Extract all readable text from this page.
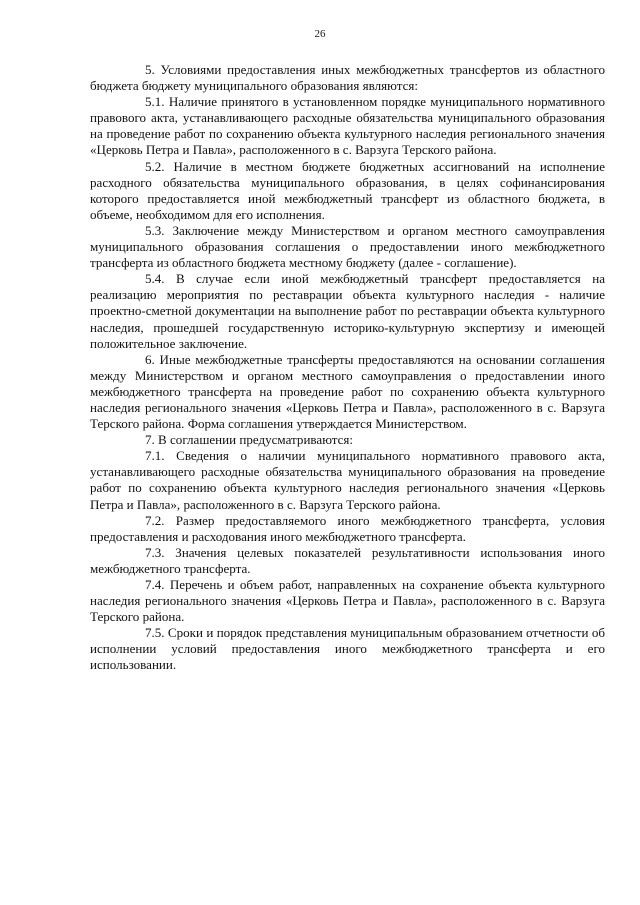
26

5. Условиями предоставления иных межбюджетных трансфертов из областного бюджета бюджету муниципального образования являются:

5.1. Наличие принятого в установленном порядке муниципального нормативного правового акта, устанавливающего расходные обязательства муниципального образования на проведение работ по сохранению объекта культурного наследия регионального значения «Церковь Петра и Павла», расположенного в с. Варзуга Терского района.

5.2. Наличие в местном бюджете бюджетных ассигнований на исполнение расходного обязательства муниципального образования, в целях софинансирования которого предоставляется иной межбюджетный трансферт из областного бюджета, в объеме, необходимом для его исполнения.

5.3. Заключение между Министерством и органом местного самоуправления муниципального образования соглашения о предоставлении иного межбюджетного трансферта из областного бюджета местному бюджету (далее - соглашение).

5.4. В случае если иной межбюджетный трансферт предоставляется на реализацию мероприятия по реставрации объекта культурного наследия - наличие проектно-сметной документации на выполнение работ по реставрации объекта культурного наследия, прошедшей государственную историко-культурную экспертизу и имеющей положительное заключение.

6. Иные межбюджетные трансферты предоставляются на основании соглашения между Министерством и органом местного самоуправления о предоставлении иного межбюджетного трансферта на проведение работ по сохранению объекта культурного наследия регионального значения «Церковь Петра и Павла», расположенного в с. Варзуга Терского района. Форма соглашения утверждается Министерством.

7. В соглашении предусматриваются:

7.1. Сведения о наличии муниципального нормативного правового акта, устанавливающего расходные обязательства муниципального образования на проведение работ по сохранению объекта культурного наследия регионального значения «Церковь Петра и Павла», расположенного в с. Варзуга Терского района.

7.2. Размер предоставляемого иного межбюджетного трансферта, условия предоставления и расходования иного межбюджетного трансферта.

7.3. Значения целевых показателей результативности использования иного межбюджетного трансферта.

7.4. Перечень и объем работ, направленных на сохранение объекта культурного наследия регионального значения «Церковь Петра и Павла», расположенного в с. Варзуга Терского района.

7.5. Сроки и порядок представления муниципальным образованием отчетности об исполнении условий предоставления иного межбюджетного трансферта и его использовании.
